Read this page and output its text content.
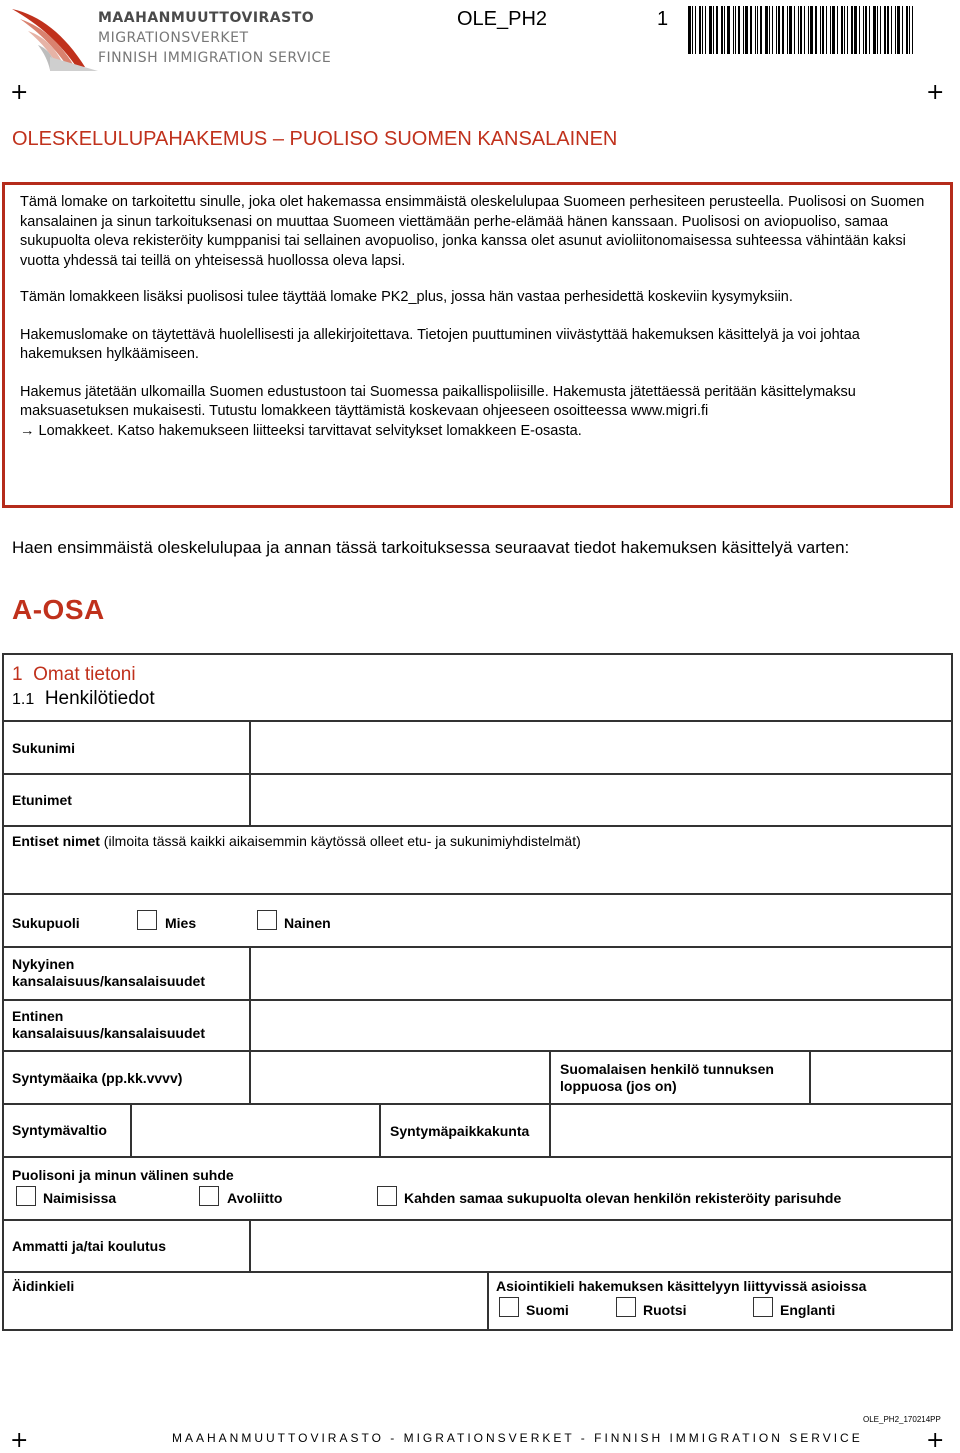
MAAHANMUUTTOVIRASTO
MIGRATIONSVERKET
FINNISH IMMIGRATION SERVICE
OLE_PH2	1
+	+
OLESKELULUPAHAKEMUS – PUOLISO SUOMEN KANSALAINEN

Tämä lomake on tarkoitettu sinulle, joka olet hakemassa ensimmäistä oleskelulupaa Suomeen perhesiteen perusteella. Puolisosi on Suomen kansalainen ja sinun tarkoituksenasi on muuttaa Suomeen viettämään perhe-elämää hänen kanssaan. Puolisosi on aviopuoliso, samaa sukupuolta oleva rekisteröity kumppanisi tai sellainen avopuoliso, jonka kanssa olet asunut avioliitonomaisessa suhteessa vähintään kaksi vuotta yhdessä tai teillä on yhteisessä huollossa oleva lapsi.

Tämän lomakkeen lisäksi puolisosi tulee täyttää lomake PK2_plus, jossa hän vastaa perhesidettä koskeviin kysymyksiin.

Hakemuslomake on täytettävä huolellisesti ja allekirjoitettava. Tietojen puuttuminen viivästyttää hakemuksen käsittelyä ja voi johtaa hakemuksen hylkäämiseen.

Hakemus jätetään ulkomailla Suomen edustustoon tai Suomessa paikallispoliisille. Hakemusta jätettäessä peritään käsittelymaksu maksuasetuksen mukaisesti. Tutustu lomakkeen täyttämistä koskevaan ohjeeseen osoitteessa www.migri.fi
→ Lomakkeet. Katso hakemukseen liitteeksi tarvittavat selvitykset lomakkeen E-osasta.

Haen ensimmäistä oleskelulupaa ja annan tässä tarkoituksessa seuraavat tiedot hakemuksen käsittelyä varten:
A-OSA
1 Omat tietoni
1.1 Henkilötiedot
Sukunimi
Etunimet
Entiset nimet (ilmoita tässä kaikki aikaisemmin käytössä olleet etu- ja sukunimiyhdistelmät)
Sukupuoli	Mies	Nainen
Nykyinen
kansalaisuus/kansalaisuudet
Entinen
kansalaisuus/kansalaisuudet
Syntymäaika (pp.kk.vvvv)
Suomalaisen henkilö tunnuksen
loppuosa (jos on)
Syntymävaltio	Syntymäpaikkakunta
Puolisoni ja minun välinen suhde
Naimisissa	Avoliitto	Kahden samaa sukupuolta olevan henkilön rekisteröity parisuhde
Ammatti ja/tai koulutus
Äidinkieli	Asiointikieli hakemuksen käsittelyyn liittyvissä asioissa
Suomi	Ruotsi	Englanti
OLE_PH2_170214PP
+	+
MAAHANMUUTTOVIRASTO - MIGRATIONSVERKET - FINNISH IMMIGRATION SERVICE
